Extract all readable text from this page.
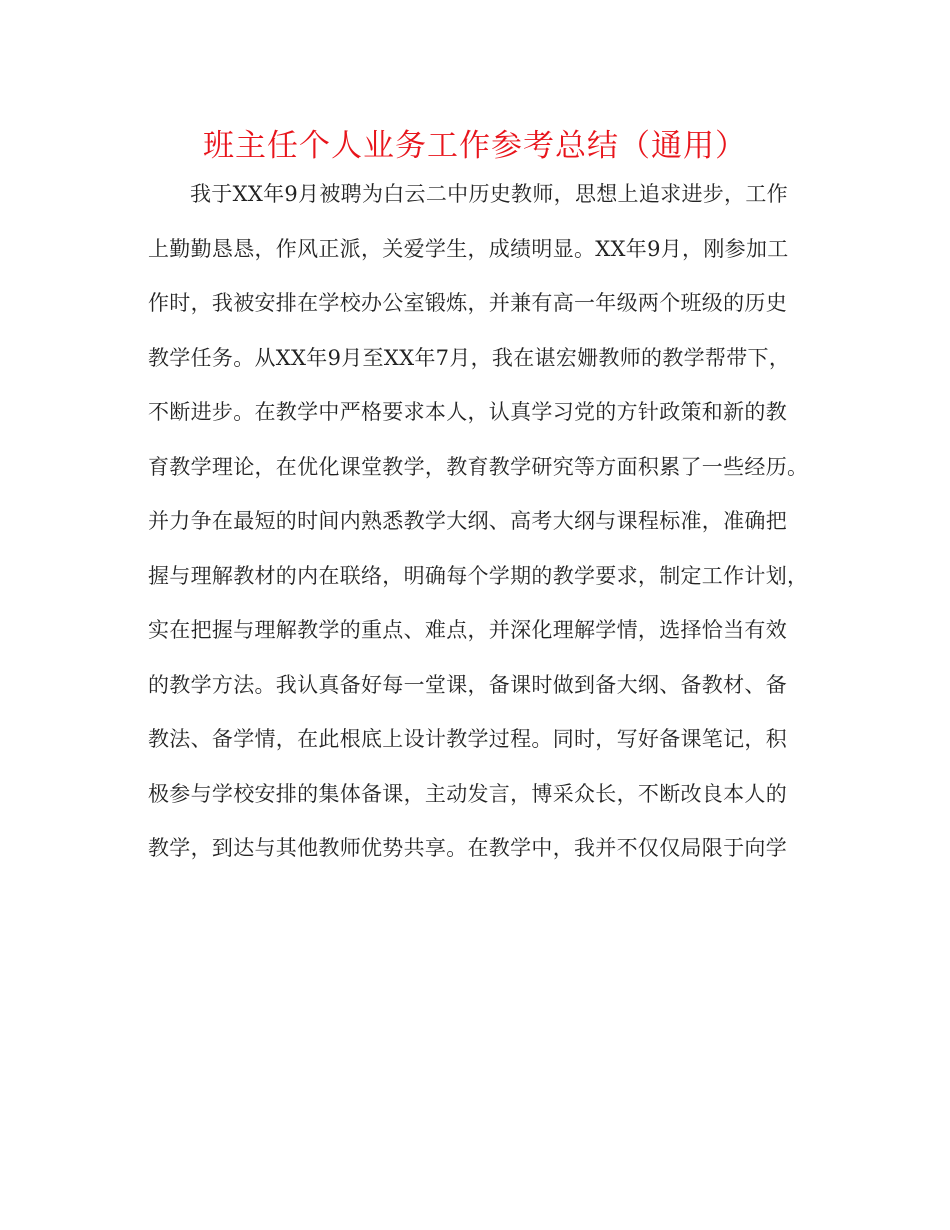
班主任个人业务工作参考总结（通用）
我于XX年9月被聘为白云二中历史教师，思想上追求进步，工作
上勤勤恳恳，作风正派，关爱学生，成绩明显。XX年9月，刚参加工
作时，我被安排在学校办公室锻炼，并兼有高一年级两个班级的历史
教学任务。从XX年9月至XX年7月，我在谌宏姗教师的教学帮带下，
不断进步。在教学中严格要求本人，认真学习党的方针政策和新的教
育教学理论，在优化课堂教学，教育教学研究等方面积累了一些经历。
并力争在最短的时间内熟悉教学大纲、高考大纲与课程标准，准确把
握与理解教材的内在联络，明确每个学期的教学要求，制定工作计划，
实在把握与理解教学的重点、难点，并深化理解学情，选择恰当有效
的教学方法。我认真备好每一堂课，备课时做到备大纲、备教材、备
教法、备学情，在此根底上设计教学过程。同时，写好备课笔记，积
极参与学校安排的集体备课，主动发言，博采众长，不断改良本人的
教学，到达与其他教师优势共享。在教学中，我并不仅仅局限于向学
